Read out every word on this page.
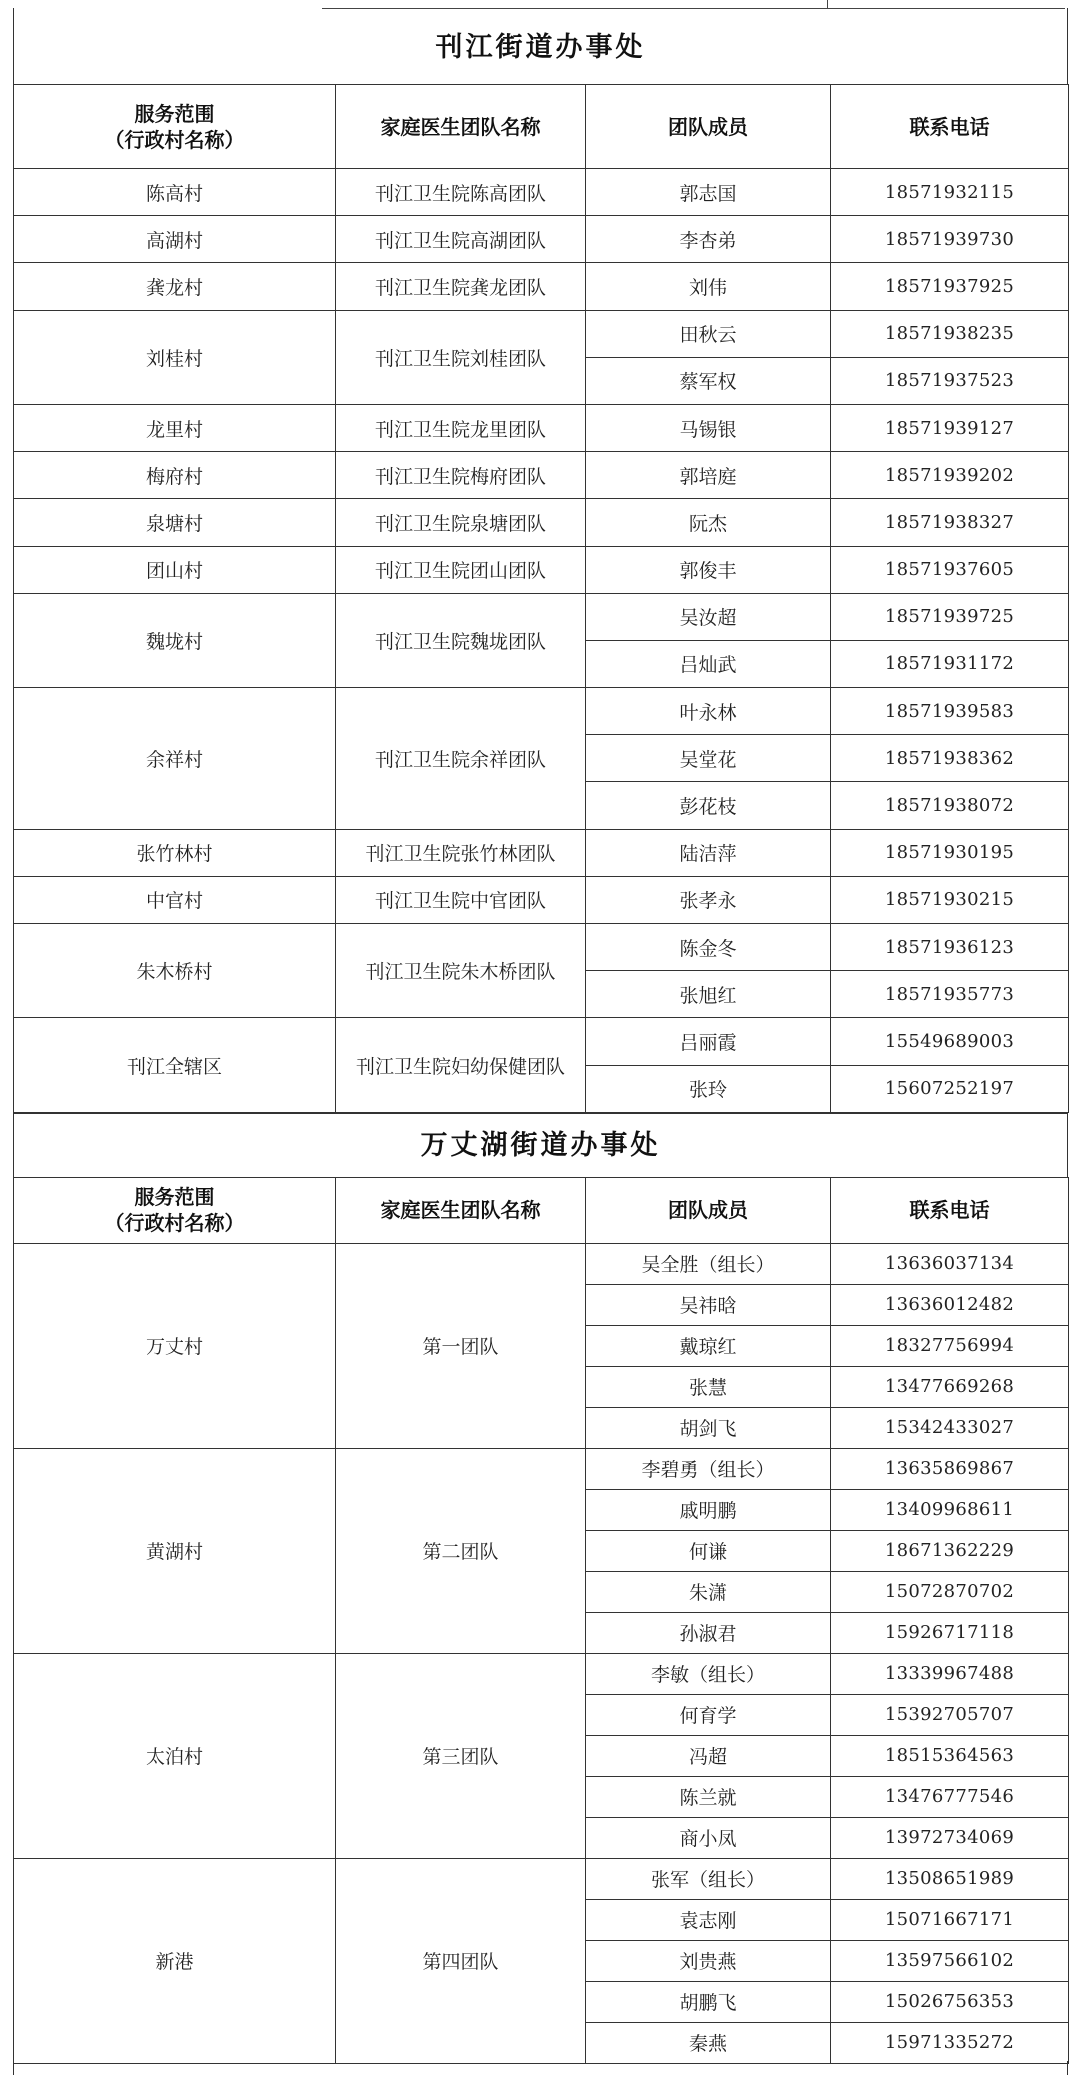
刊江街道办事处
服务范围
（行政村名称）	家庭医生团队名称	团队成员	联系电话
陈高村	刊江卫生院陈高团队	郭志国	18571932115
高湖村	刊江卫生院高湖团队	李杏弟	18571939730
龚龙村	刊江卫生院龚龙团队	刘伟	18571937925
刘桂村	刊江卫生院刘桂团队	田秋云	18571938235
		蔡军权	18571937523
龙里村	刊江卫生院龙里团队	马锡银	18571939127
梅府村	刊江卫生院梅府团队	郭培庭	18571939202
泉塘村	刊江卫生院泉塘团队	阮杰	18571938327
团山村	刊江卫生院团山团队	郭俊丰	18571937605
魏垅村	刊江卫生院魏垅团队	吴汝超	18571939725
		吕灿武	18571931172
余祥村	刊江卫生院余祥团队	叶永林	18571939583
		吴堂花	18571938362
		彭花枝	18571938072
张竹林村	刊江卫生院张竹林团队	陆洁萍	18571930195
中官村	刊江卫生院中官团队	张孝永	18571930215
朱木桥村	刊江卫生院朱木桥团队	陈金冬	18571936123
		张旭红	18571935773
刊江全辖区	刊江卫生院妇幼保健团队	吕丽霞	15549689003
		张玲	15607252197
万丈湖街道办事处
服务范围
（行政村名称）	家庭医生团队名称	团队成员	联系电话
万丈村	第一团队	吴全胜（组长）	13636037134
		吴祎晗	13636012482
		戴琼红	18327756994
		张慧	13477669268
		胡剑飞	15342433027
黄湖村	第二团队	李碧勇（组长）	13635869867
		戚明鹏	13409968611
		何谦	18671362229
		朱潇	15072870702
		孙淑君	15926717118
太泊村	第三团队	李敏（组长）	13339967488
		何育学	15392705707
		冯超	18515364563
		陈兰就	13476777546
		商小凤	13972734069
新港	第四团队	张军（组长）	13508651989
		袁志刚	15071667171
		刘贵燕	13597566102
		胡鹏飞	15026756353
		秦燕	15971335272
